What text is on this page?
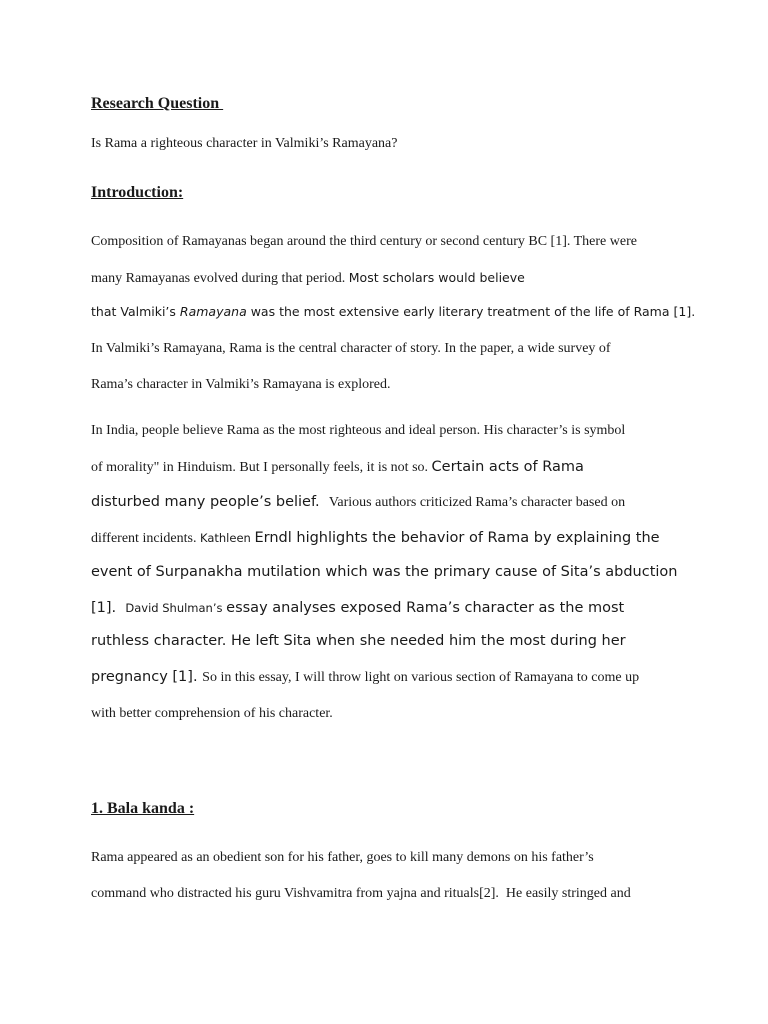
Research Question
Is Rama a righteous character in Valmiki’s Ramayana?
Introduction:
Composition of Ramayanas began around the third century or second century BC [1]. There were
many Ramayanas evolved during that period. Most scholars would believe
that Valmiki’s Ramayana was the most extensive early literary treatment of the life of Rama [1].
In Valmiki’s Ramayana, Rama is the central character of story. In the paper, a wide survey of
Rama’s character in Valmiki’s Ramayana is explored.
In India, people believe Rama as the most righteous and ideal person. His character’s is symbol
of morality" in Hinduism. But I personally feels, it is not so. Certain acts of Rama
disturbed many people’s belief.  Various authors criticized Rama’s character based on
different incidents. Kathleen Erndl highlights the behavior of Rama by explaining the
event of Surpanakha mutilation which was the primary cause of Sita’s abduction
[1].  David Shulman’s essay analyses exposed Rama’s character as the most
ruthless character. He left Sita when she needed him the most during her
pregnancy [1]. So in this essay, I will throw light on various section of Ramayana to come up
with better comprehension of his character.
1. Bala kanda :
Rama appeared as an obedient son for his father, goes to kill many demons on his father’s
command who distracted his guru Vishvamitra from yajna and rituals[2].  He easily stringed and
